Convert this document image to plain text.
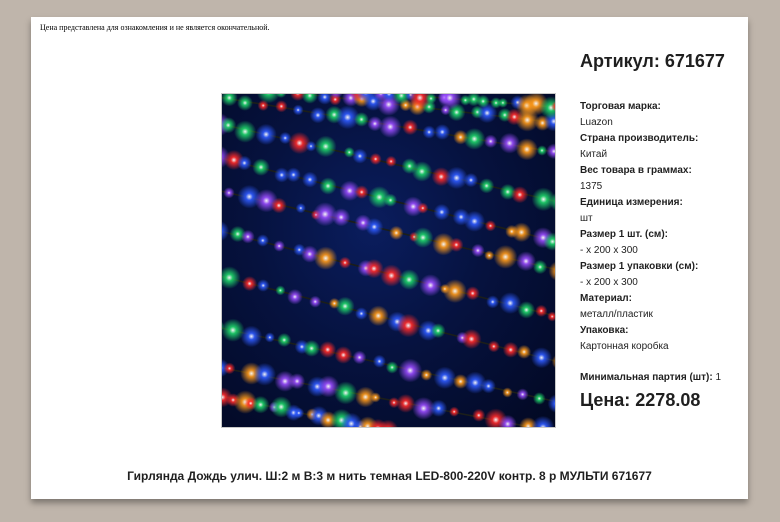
Цена представлена для ознакомления и не является окончательной.
Артикул: 671677
Торговая марка:
Luazon
Страна производитель:
Китай
Вес товара в граммах:
1375
Единица измерения:
шт
Размер 1 шт. (см):
- x 200 x 300
Размер 1 упаковки (см):
- x 200 x 300
Материал:
металл/пластик
Упаковка:
Картонная коробка
Минимальная партия (шт): 1
Цена: 2278.08
Гирлянда Дождь улич. Ш:2 м В:3 м нить темная LED-800-220V контр. 8 р МУЛЬТИ 671677
